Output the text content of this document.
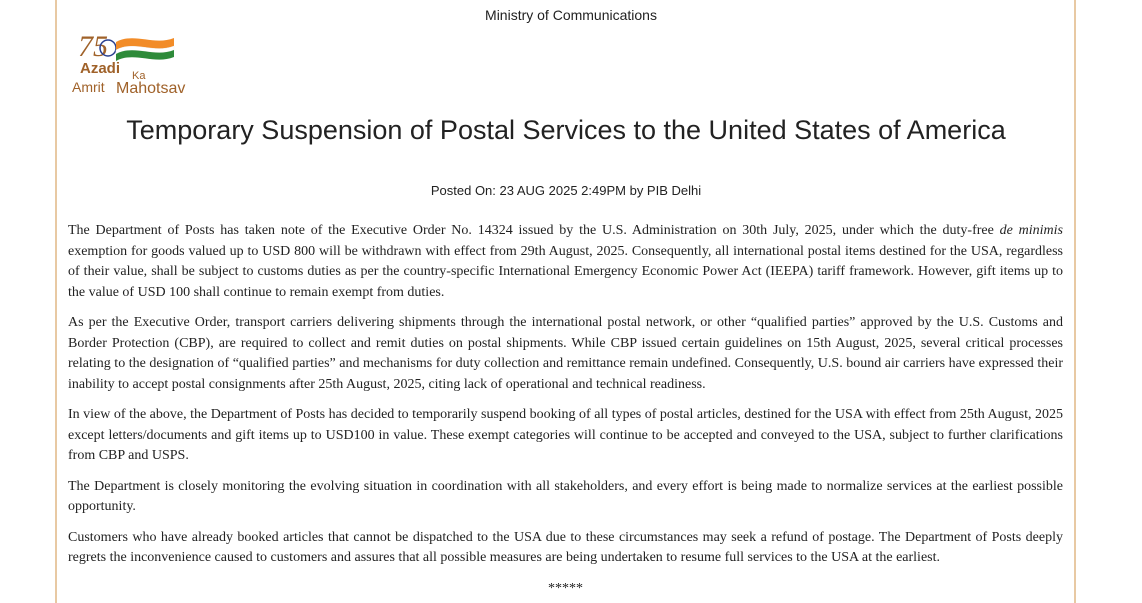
Ministry of Communications
75
Azadi Ka
Amrit Mahotsav
Temporary Suspension of Postal Services to the United States of America
Posted On: 23 AUG 2025 2:49PM by PIB Delhi

The Department of Posts has taken note of the Executive Order No. 14324 issued by the U.S. Administration on 30th July, 2025, under which the duty-free de minimis exemption for goods valued up to USD 800 will be withdrawn with effect from 29th August, 2025. Consequently, all international postal items destined for the USA, regardless of their value, shall be subject to customs duties as per the country-specific International Emergency Economic Power Act (IEEPA) tariff framework. However, gift items up to the value of USD 100 shall continue to remain exempt from duties.

As per the Executive Order, transport carriers delivering shipments through the international postal network, or other “qualified parties” approved by the U.S. Customs and Border Protection (CBP), are required to collect and remit duties on postal shipments. While CBP issued certain guidelines on 15th August, 2025, several critical processes relating to the designation of “qualified parties” and mechanisms for duty collection and remittance remain undefined. Consequently, U.S. bound air carriers have expressed their inability to accept postal consignments after 25th August, 2025, citing lack of operational and technical readiness.

In view of the above, the Department of Posts has decided to temporarily suspend booking of all types of postal articles, destined for the USA with effect from 25th August, 2025 except letters/documents and gift items up to USD100 in value. These exempt categories will continue to be accepted and conveyed to the USA, subject to further clarifications from CBP and USPS.

The Department is closely monitoring the evolving situation in coordination with all stakeholders, and every effort is being made to normalize services at the earliest possible opportunity.

Customers who have already booked articles that cannot be dispatched to the USA due to these circumstances may seek a refund of postage. The Department of Posts deeply regrets the inconvenience caused to customers and assures that all possible measures are being undertaken to resume full services to the USA at the earliest.

*****
